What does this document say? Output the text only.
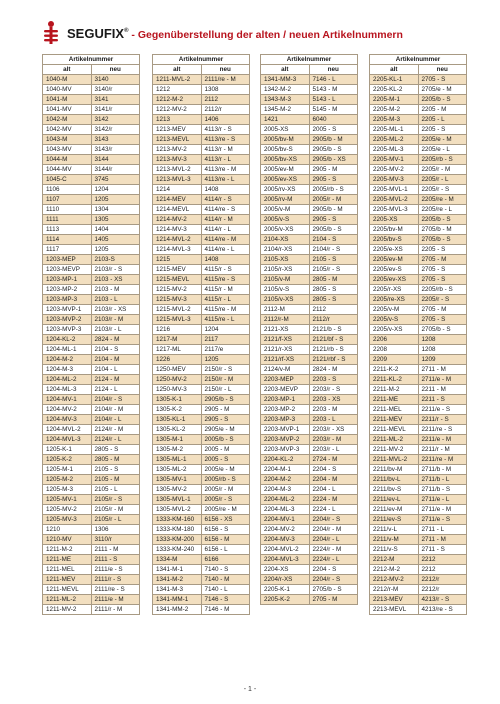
SEGUFIX® - Gegenüberstellung der alten / neuen Artikelnummern
Artikelnummer	
alt	neu
1040-M	3140
1040-MV	3140/r
1041-M	3141
1041-MV	3141/r
1042-M	3142
1042-MV	3142/r
1043-M	3143
1043-MV	3143/r
1044-M	3144
1044-MV	3144/r
1045-C	3745
1106	1204
1107	1205
1110	1304
1111	1305
1113	1404
1114	1405
1117	1205
1203-MEP	2103-S
1203-MEVP	2103/r - S
1203-MP-1	2103 - XS
1203-MP-2	2103 - M
1203-MP-3	2103 - L
1203-MVP-1	2103/r - XS
1203-MVP-2	2103/r - M
1203-MVP-3	2103/r - L
1204-KL-2	2824 - M
1204-ML-1	2104 - S
1204-M-2	2104 - M
1204-M-3	2104 - L
1204-ML-2	2124 - M
1204-ML-3	2124 - L
1204-MV-1	2104/r - S
1204-MV-2	2104/r - M
1204-MV-3	2104/r - L
1204-MVL-2	2124/r - M
1204-MVL-3	2124/r - L
1205-K-1	2805 - S
1205-K-2	2805 - M
1205-M-1	2105 - S
1205-M-2	2105 - M
1205-M-3	2105 - L
1205-MV-1	2105/r - S
1205-MV-2	2105/r - M
1205-MV-3	2105/r - L
1210	1306
1210-MV	3110/r
1211-M-2	2111 - M
1211-ME	2111 - S
1211-MEL	2111/e - S
1211-MEV	2111/r - S
1211-MEVL	2111/re - S
1211-ML-2	2111/e - M
1211-MV-2	2111/r - M
Artikelnummer	
alt	neu
1211-MVL-2	2111/re - M
1212	1308
1212-M-2	2112
1212-MV-2	2112/r
1213	1406
1213-MEV	4113/r - S
1213-MEVL	4113/re - S
1213-MV-2	4113/r - M
1213-MV-3	4113/r - L
1213-MVL-2	4113/re - M
1213-MVL-3	4113/re - L
1214	1408
1214-MEV	4114/r - S
1214-MEVL	4114/re - S
1214-MV-2	4114/r - M
1214-MV-3	4114/r - L
1214-MVL-2	4114/re - M
1214-MVL-3	4114/re - L
1215	1408
1215-MEV	4115/r - S
1215-MEVL	4115/re - S
1215-MV-2	4115/r - M
1215-MV-3	4115/r - L
1215-MVL-2	4115/re - M
1215-MVL-3	4115/re - L
1216	1204
1217-M	2117
1217-ML	2117/e
1226	1205
1250-MEV	2150/r - S
1250-MV-2	2150/r - M
1250-MV-3	2150/r - L
1305-K-1	2905/b - S
1305-K-2	2905 - M
1305-KL-1	2905 - S
1305-KL-2	2905/e - M
1305-M-1	2005/b - S
1305-M-2	2005 - M
1305-ML-1	2005 - S
1305-ML-2	2005/e - M
1305-MV-1	2005/rb - S
1305-MV-2	2005/r - M
1305-MVL-1	2005/r - S
1305-MVL-2	2005/re - M
1333-KM-160	6156 - XS
1333-KM-180	6156 - S
1333-KM-200	6156 - M
1333-KM-240	6156 - L
1334-M	6166
1341-M-1	7140 - S
1341-M-2	7140 - M
1341-M-3	7140 - L
1341-MM-1	7146 - S
1341-MM-2	7146 - M
Artikelnummer	
alt	neu
1341-MM-3	7146 - L
1342-M-2	5143 - M
1343-M-3	5143 - L
1345-M-2	5145 - M
1421	6040
2005-XS	2005 - S
2005/bv-M	2905/b - M
2005/bv-S	2905/b - S
2005/bv-XS	2905/b - XS
2005/ev-M	2905 - M
2005/ev-XS	2905 - S
2005/rv-XS	2005/rb - S
2005/rv-M	2005/r - M
2005/v-M	2905/b - M
2005/v-S	2905 - S
2005/v-XS	2905/b - S
2104-XS	2104 - S
2104/r-XS	2104/r - S
2105-XS	2105 - S
2105/r-XS	2105/r - S
2105/v-M	2805 - M
2105/v-S	2805 - S
2105/v-XS	2805 - S
2112-M	2112
2112/r-M	2112/r
2121-XS	2121/b - S
2121/f-XS	2121/bf - S
2121/r-XS	2121/rb - S
2121/rf-XS	2121/rbf - S
2124/v-M	2824 - M
2203-MEP	2203 - S
2203-MEVP	2203/r - S
2203-MP-1	2203 - XS
2203-MP-2	2203 - M
2203-MP-3	2203 - L
2203-MVP-1	2203/r - XS
2203-MVP-2	2203/r - M
2203-MVP-3	2203/r - L
2204-KL-2	2724 - M
2204-M-1	2204 - S
2204-M-2	2204 - M
2204-M-3	2204 - L
2204-ML-2	2224 - M
2204-ML-3	2224 - L
2204-MV-1	2204/r - S
2204-MV-2	2204/r - M
2204-MV-3	2204/r - L
2204-MVL-2	2224/r - M
2204-MVL-3	2224/r - L
2204-XS	2204 - S
2204/r-XS	2204/r - S
2205-K-1	2705/b - S
2205-K-2	2705 - M
Artikelnummer	
alt	neu
2205-KL-1	2705 - S
2205-KL-2	2705/e - M
2205-M-1	2205/b - S
2205-M-2	2205 - M
2205-M-3	2205 - L
2205-ML-1	2205 - S
2205-ML-2	2205/e - M
2205-ML-3	2205/e - L
2205-MV-1	2205/rb - S
2205-MV-2	2205/r - M
2205-MV-3	2205/r - L
2205-MVL-1	2205/r - S
2205-MVL-2	2205/re - M
2205-MVL-3	2205/re - L
2205-XS	2205/b - S
2205/bv-M	2705/b - M
2205/bv-S	2705/b - S
2205/e-XS	2205 - S
2205/ev-M	2705 - M
2205/ev-S	2705 - S
2205/ev-XS	2705 - S
2205/r-XS	2205/rb - S
2205/re-XS	2205/r - S
2205/v-M	2705 - M
2205/v-S	2705 - S
2205/v-XS	2705/b - S
2206	1208
2208	1208
2209	1209
2211-K-2	2711 - M
2211-KL-2	2711/e - M
2211-M-2	2211 - M
2211-ME	2211 - S
2211-MEL	2211/e - S
2211-MEV	2211/r - S
2211-MEVL	2211/re - S
2211-ML-2	2211/e - M
2211-MV-2	2211/r - M
2211-MVL-2	2211/re - M
2211/bv-M	2711/b - M
2211/bv-L	2711/b - L
2211/bv-S	2711/b - S
2211/ev-L	2711/e - L
2211/ev-M	2711/e - M
2211/ev-S	2711/e - S
2211/v-L	2711 - L
2211/v-M	2711 - M
2211/v-S	2711 - S
2212-M	2212
2212-M-2	2212
2212-MV-2	2212/r
2212/r-M	2212/r
2213-MEV	4213/r - S
2213-MEVL	4213/re - S
- 1 -
